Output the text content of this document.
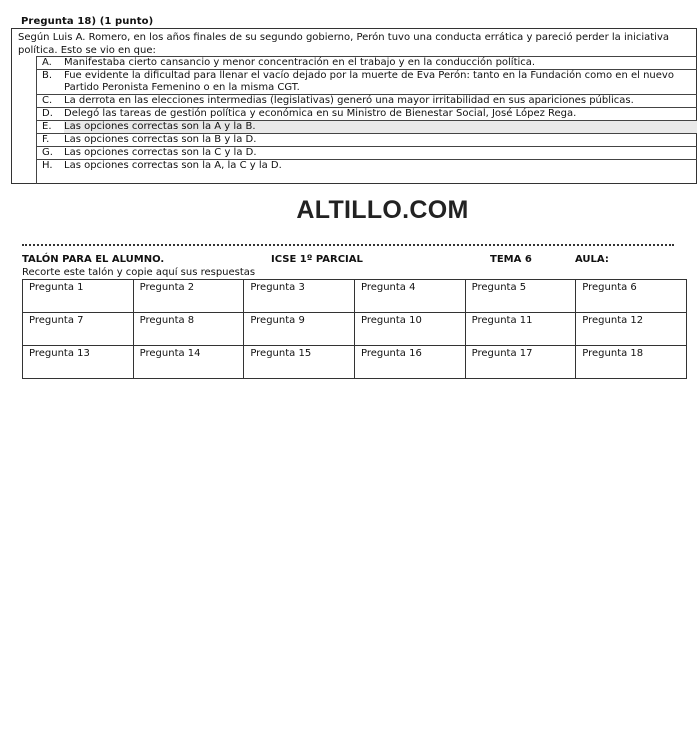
Pregunta 18) (1 punto)
Según Luis A. Romero, en los años finales de su segundo gobierno, Perón tuvo una conducta errática y pareció perder la iniciativa política. Esto se vio en que:
A.	Manifestaba cierto cansancio y menor concentración en el trabajo y en la conducción política.
B.	Fue evidente la dificultad para llenar el vacío dejado por la muerte de Eva Perón: tanto en la Fundación como en el nuevo Partido Peronista Femenino o en la misma CGT.
C.	La derrota en las elecciones intermedias (legislativas) generó una mayor irritabilidad en sus apariciones públicas.
D.	Delegó las tareas de gestión política y económica en su Ministro de Bienestar Social, José López Rega.
E.	Las opciones correctas son la A y la B.
F.	Las opciones correctas son la B y la D.
G.	Las opciones correctas son la C y la D.
H.	Las opciones correctas son la A, la C y la D.
ALTILLO.COM
TALÓN PARA EL ALUMNO.	ICSE 1º PARCIAL	TEMA 6	AULA:
Recorte este talón y copie aquí sus respuestas
Pregunta 1	Pregunta 2	Pregunta 3	Pregunta 4	Pregunta 5	Pregunta 6
Pregunta 7	Pregunta 8	Pregunta 9	Pregunta 10	Pregunta 11	Pregunta 12
Pregunta 13	Pregunta 14	Pregunta 15	Pregunta 16	Pregunta 17	Pregunta 18
